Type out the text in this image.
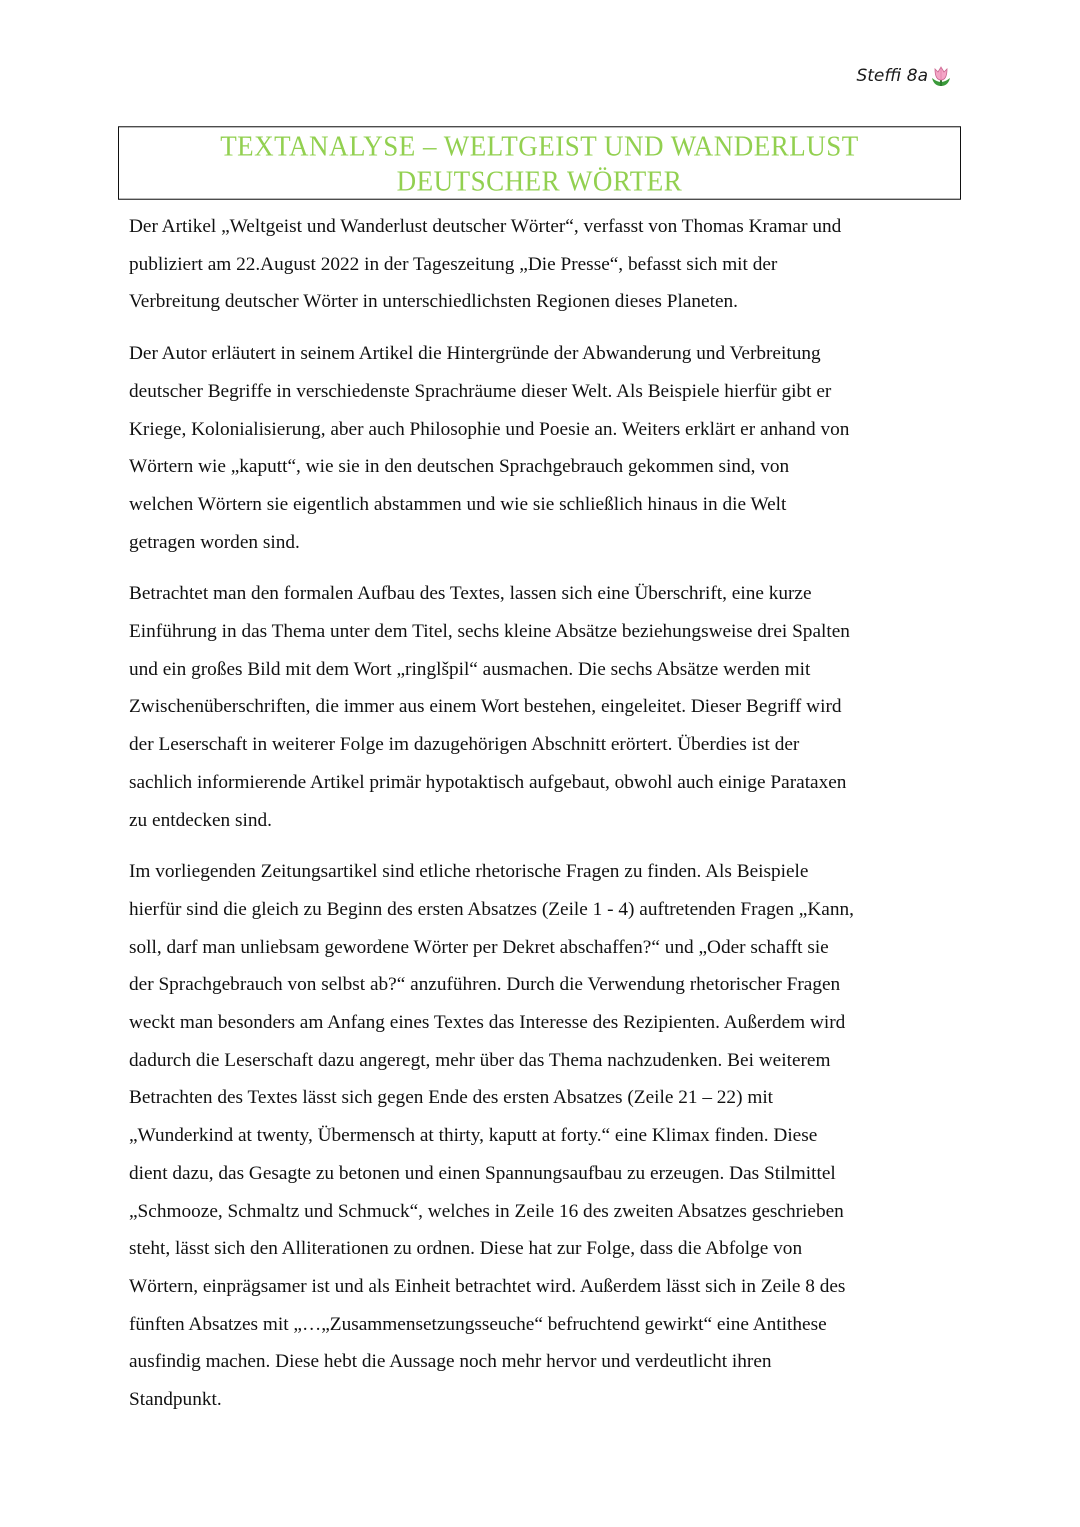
Steffi 8a
TEXTANALYSE – WELTGEIST UND WANDERLUST
DEUTSCHER WÖRTER

Der Artikel „Weltgeist und Wanderlust deutscher Wörter“, verfasst von Thomas Kramar und
publiziert am 22.August 2022 in der Tageszeitung „Die Presse“, befasst sich mit der
Verbreitung deutscher Wörter in unterschiedlichsten Regionen dieses Planeten.

Der Autor erläutert in seinem Artikel die Hintergründe der Abwanderung und Verbreitung
deutscher Begriffe in verschiedenste Sprachräume dieser Welt. Als Beispiele hierfür gibt er
Kriege, Kolonialisierung, aber auch Philosophie und Poesie an. Weiters erklärt er anhand von
Wörtern wie „kaputt“, wie sie in den deutschen Sprachgebrauch gekommen sind, von
welchen Wörtern sie eigentlich abstammen und wie sie schließlich hinaus in die Welt
getragen worden sind.

Betrachtet man den formalen Aufbau des Textes, lassen sich eine Überschrift, eine kurze
Einführung in das Thema unter dem Titel, sechs kleine Absätze beziehungsweise drei Spalten
und ein großes Bild mit dem Wort „ringlšpil“ ausmachen. Die sechs Absätze werden mit
Zwischenüberschriften, die immer aus einem Wort bestehen, eingeleitet. Dieser Begriff wird
der Leserschaft in weiterer Folge im dazugehörigen Abschnitt erörtert. Überdies ist der
sachlich informierende Artikel primär hypotaktisch aufgebaut, obwohl auch einige Parataxen
zu entdecken sind.

Im vorliegenden Zeitungsartikel sind etliche rhetorische Fragen zu finden. Als Beispiele
hierfür sind die gleich zu Beginn des ersten Absatzes (Zeile 1 - 4) auftretenden Fragen „Kann,
soll, darf man unliebsam gewordene Wörter per Dekret abschaffen?“ und „Oder schafft sie
der Sprachgebrauch von selbst ab?“ anzuführen. Durch die Verwendung rhetorischer Fragen
weckt man besonders am Anfang eines Textes das Interesse des Rezipienten. Außerdem wird
dadurch die Leserschaft dazu angeregt, mehr über das Thema nachzudenken. Bei weiterem
Betrachten des Textes lässt sich gegen Ende des ersten Absatzes (Zeile 21 – 22) mit
„Wunderkind at twenty, Übermensch at thirty, kaputt at forty.“ eine Klimax finden. Diese
dient dazu, das Gesagte zu betonen und einen Spannungsaufbau zu erzeugen. Das Stilmittel
„Schmooze, Schmaltz und Schmuck“, welches in Zeile 16 des zweiten Absatzes geschrieben
steht, lässt sich den Alliterationen zu ordnen. Diese hat zur Folge, dass die Abfolge von
Wörtern, einprägsamer ist und als Einheit betrachtet wird. Außerdem lässt sich in Zeile 8 des
fünften Absatzes mit „…„Zusammensetzungsseuche“ befruchtend gewirkt“ eine Antithese
ausfindig machen. Diese hebt die Aussage noch mehr hervor und verdeutlicht ihren
Standpunkt.
